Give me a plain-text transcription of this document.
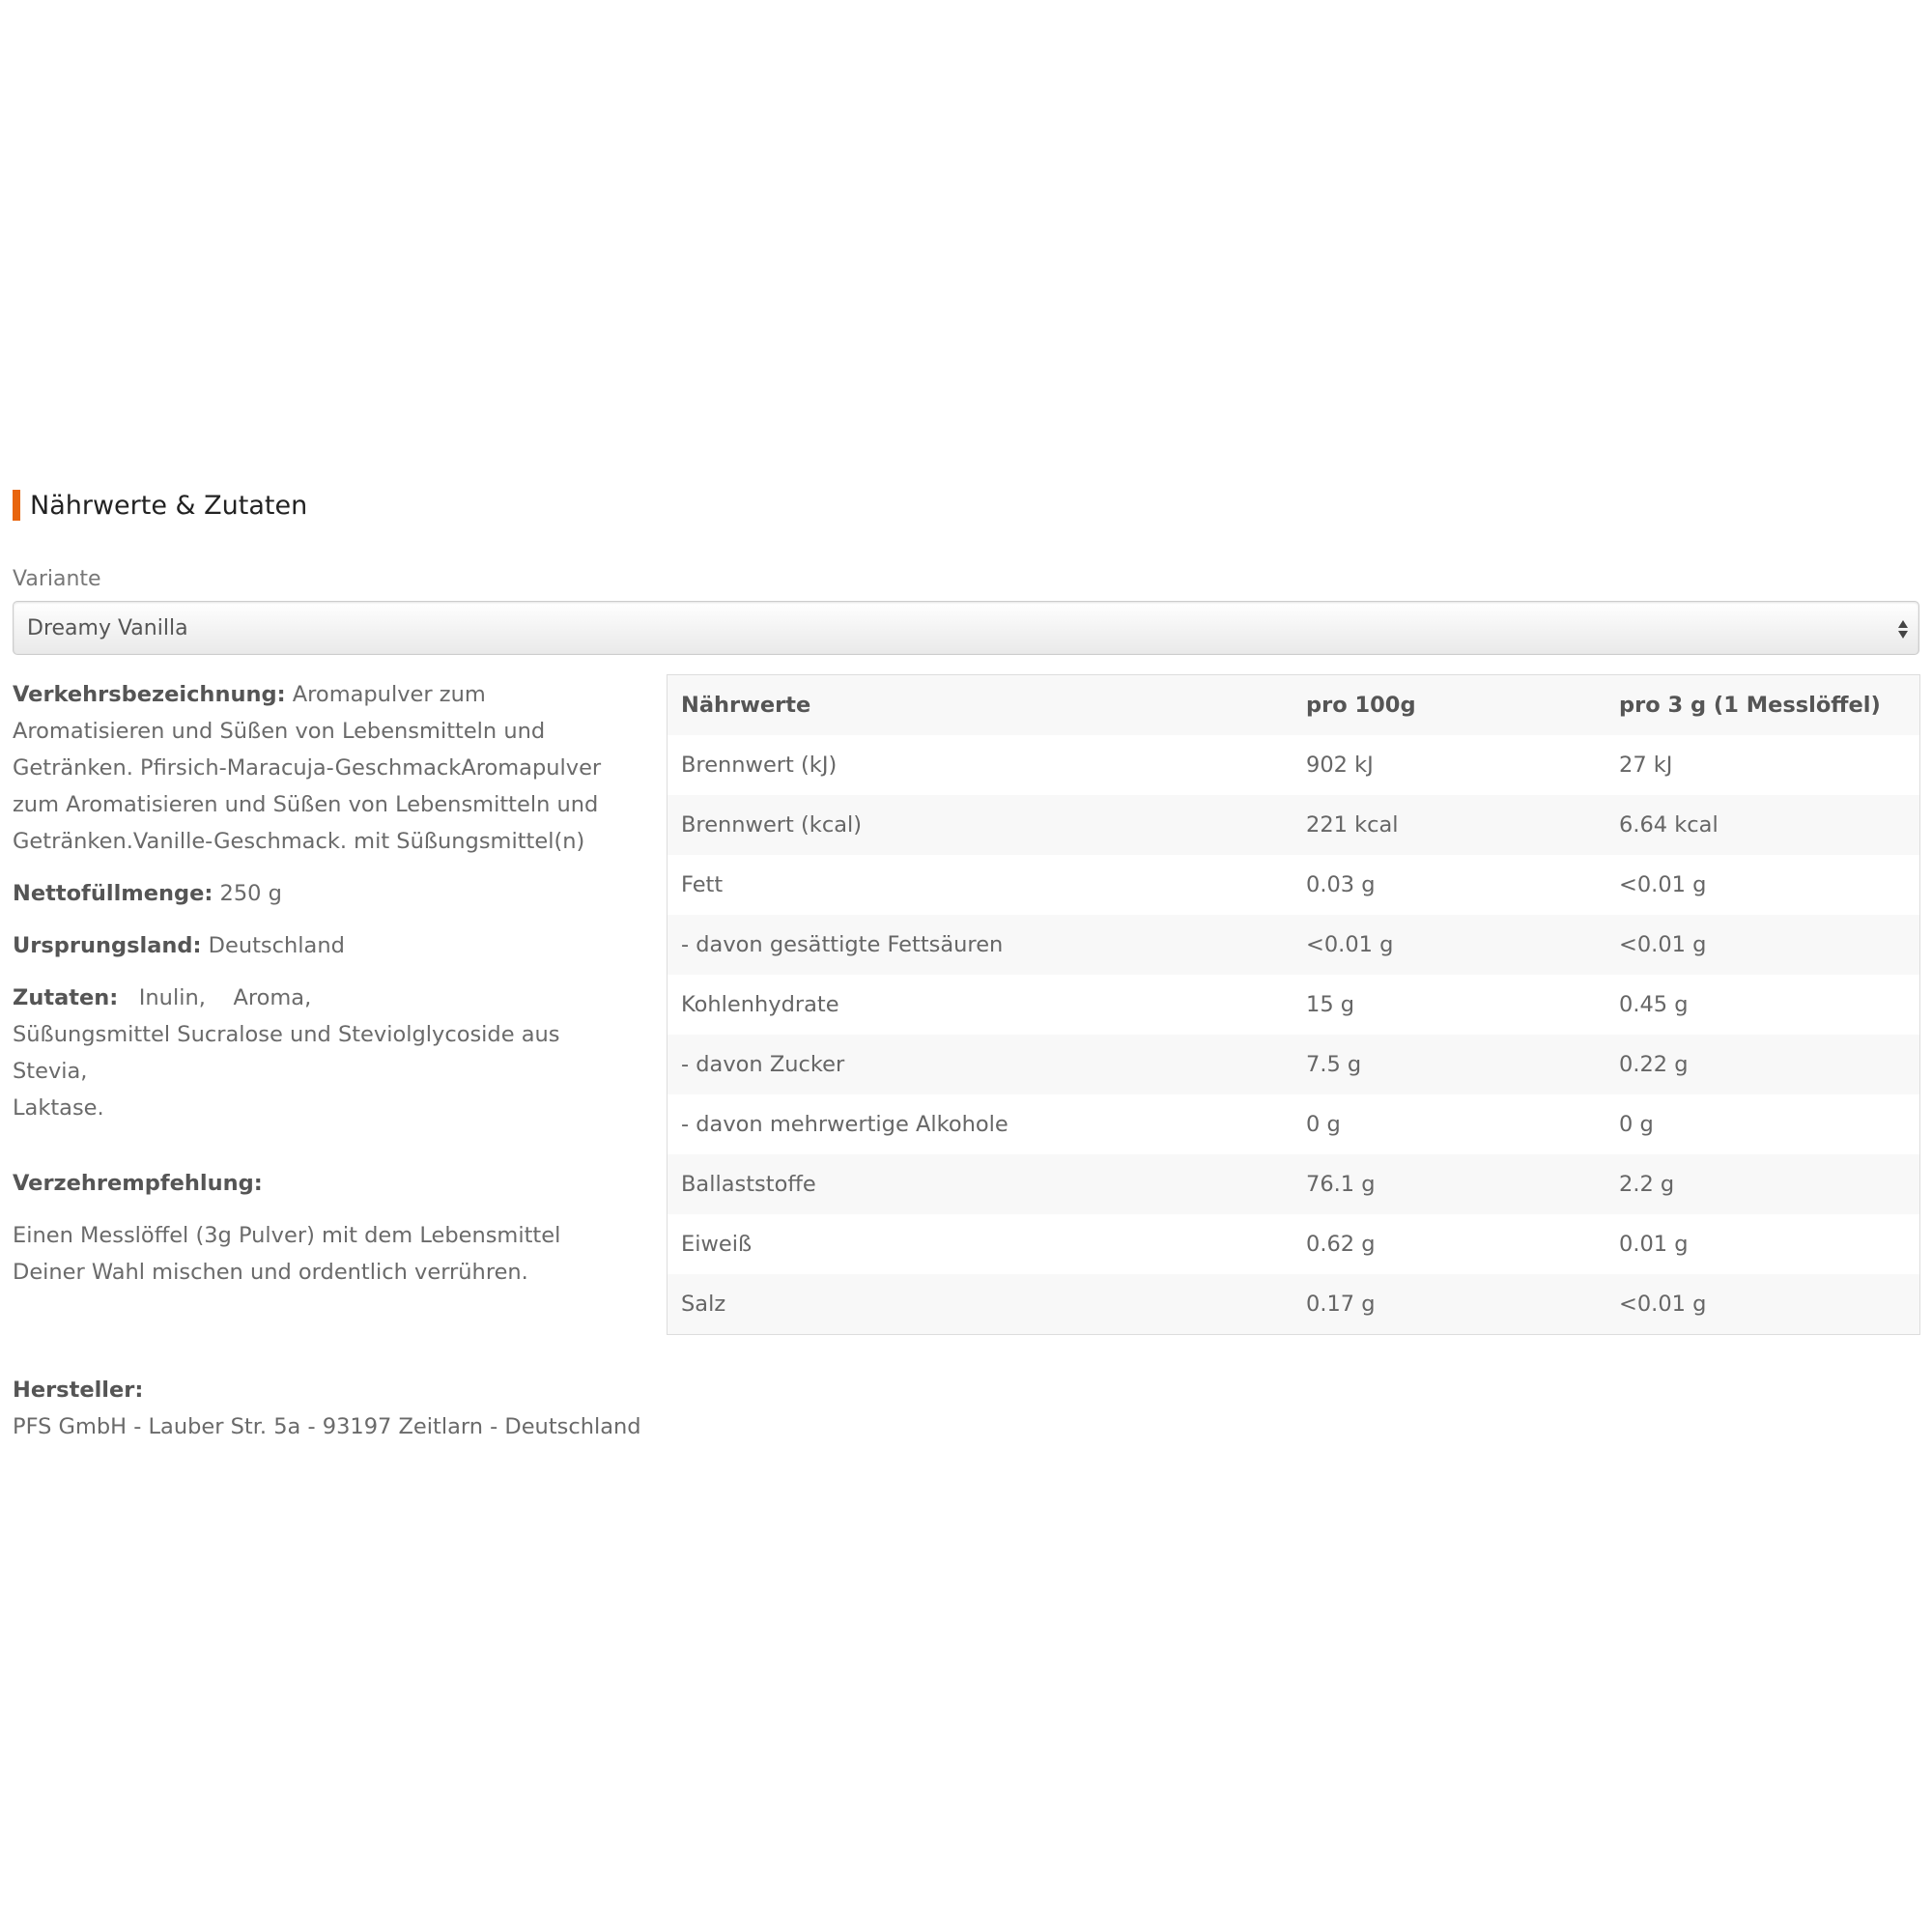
Nährwerte & Zutaten
Variante
Dreamy Vanilla

Verkehrsbezeichnung: Aromapulver zum Aromatisieren und Süßen von Lebensmitteln und Getränken. Pfirsich-Maracuja-GeschmackAromapulver zum Aromatisieren und Süßen von Lebensmitteln und Getränken.Vanille-Geschmack. mit Süßungsmittel(n)

Nettofüllmenge: 250 g

Ursprungsland: Deutschland

Zutaten: Inulin,    Aroma,
Süßungsmittel Sucralose und Steviolglycoside aus Stevia,
Laktase.

Verzehrempfehlung:

Einen Messlöffel (3g Pulver) mit dem Lebensmittel Deiner Wahl mischen und ordentlich verrühren.

Nährwerte	pro 100g	pro 3 g (1 Messlöffel)
Brennwert (kJ)	902 kJ	27 kJ
Brennwert (kcal)	221 kcal	6.64 kcal
Fett	0.03 g	<0.01 g
- davon gesättigte Fettsäuren	<0.01 g	<0.01 g
Kohlenhydrate	15 g	0.45 g
- davon Zucker	7.5 g	0.22 g
- davon mehrwertige Alkohole	0 g	0 g
Ballaststoffe	76.1 g	2.2 g
Eiweiß	0.62 g	0.01 g
Salz	0.17 g	<0.01 g
Hersteller:
PFS GmbH - Lauber Str. 5a - 93197 Zeitlarn - Deutschland
